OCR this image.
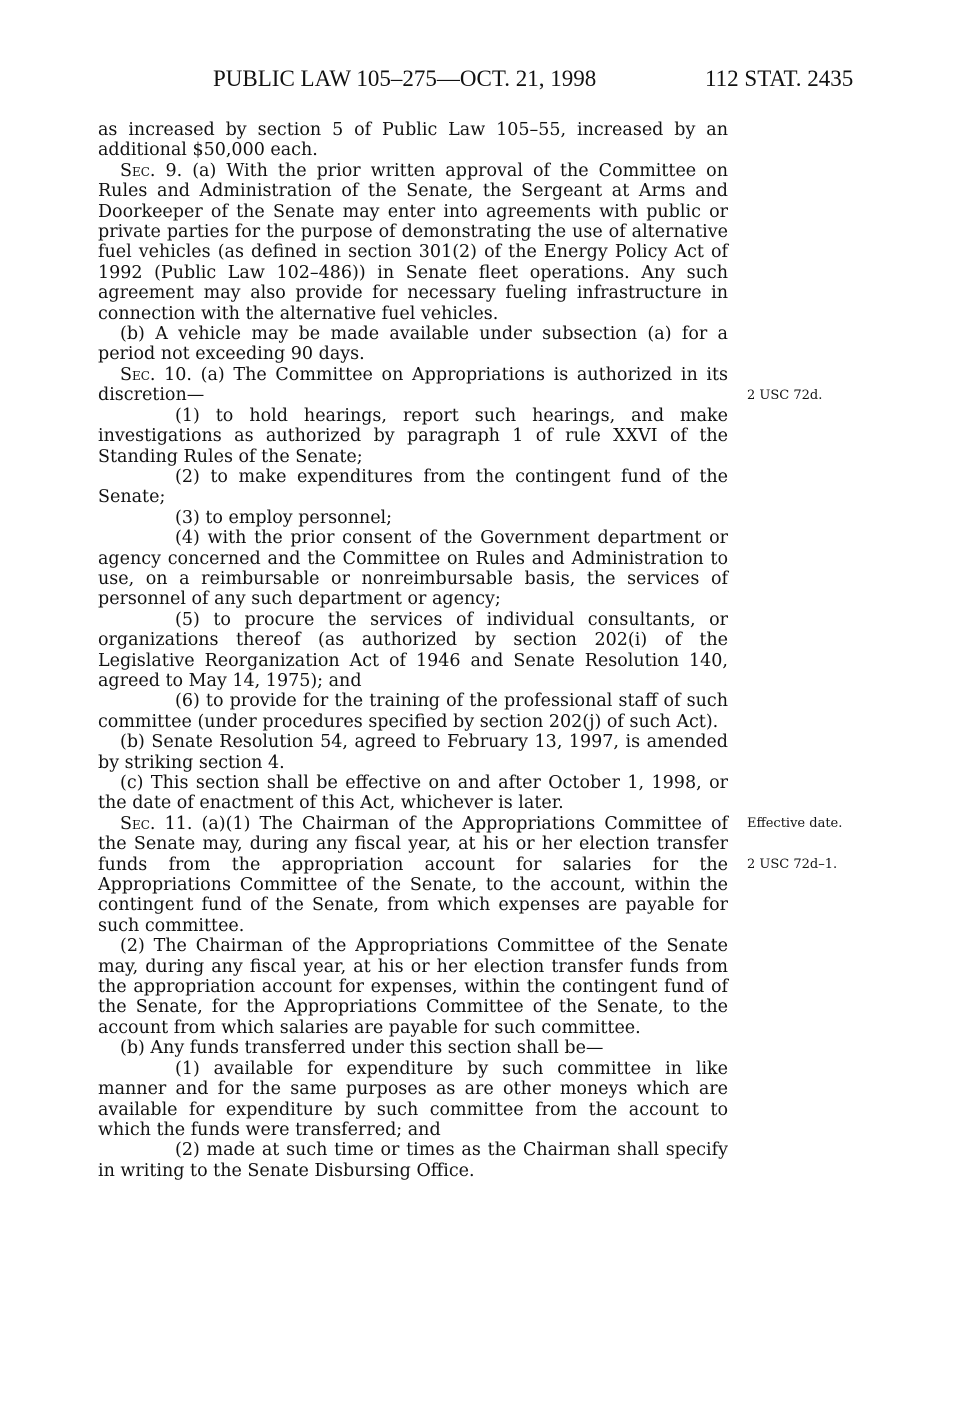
PUBLIC LAW 105–275—OCT. 21, 1998	112 STAT. 2435

as increased by section 5 of Public Law 105–55, increased by an additional $50,000 each.

Sec. 9. (a) With the prior written approval of the Committee on Rules and Administration of the Senate, the Sergeant at Arms and Doorkeeper of the Senate may enter into agreements with public or private parties for the purpose of demonstrating the use of alternative fuel vehicles (as defined in section 301(2) of the Energy Policy Act of 1992 (Public Law 102–486)) in Senate fleet operations. Any such agreement may also provide for necessary fueling infrastructure in connection with the alternative fuel vehicles.

(b) A vehicle may be made available under subsection (a) for a period not exceeding 90 days.

Sec. 10. (a) The Committee on Appropriations is authorized in its discretion—

(1) to hold hearings, report such hearings, and make investigations as authorized by paragraph 1 of rule XXVI of the Standing Rules of the Senate;

(2) to make expenditures from the contingent fund of the Senate;

(3) to employ personnel;

(4) with the prior consent of the Government department or agency concerned and the Committee on Rules and Administration to use, on a reimbursable or nonreimbursable basis, the services of personnel of any such department or agency;

(5) to procure the services of individual consultants, or organizations thereof (as authorized by section 202(i) of the Legislative Reorganization Act of 1946 and Senate Resolution 140, agreed to May 14, 1975); and

(6) to provide for the training of the professional staff of such committee (under procedures specified by section 202(j) of such Act).

(b) Senate Resolution 54, agreed to February 13, 1997, is amended by striking section 4.

(c) This section shall be effective on and after October 1, 1998, or the date of enactment of this Act, whichever is later.

Sec. 11. (a)(1) The Chairman of the Appropriations Committee of the Senate may, during any fiscal year, at his or her election transfer funds from the appropriation account for salaries for the Appropriations Committee of the Senate, to the account, within the contingent fund of the Senate, from which expenses are payable for such committee.

(2) The Chairman of the Appropriations Committee of the Senate may, during any fiscal year, at his or her election transfer funds from the appropriation account for expenses, within the contingent fund of the Senate, for the Appropriations Committee of the Senate, to the account from which salaries are payable for such committee.

(b) Any funds transferred under this section shall be—

(1) available for expenditure by such committee in like manner and for the same purposes as are other moneys which are available for expenditure by such committee from the account to which the funds were transferred; and

(2) made at such time or times as the Chairman shall specify in writing to the Senate Disbursing Office.

2 USC 72d.
Effective date.
2 USC 72d–1.
